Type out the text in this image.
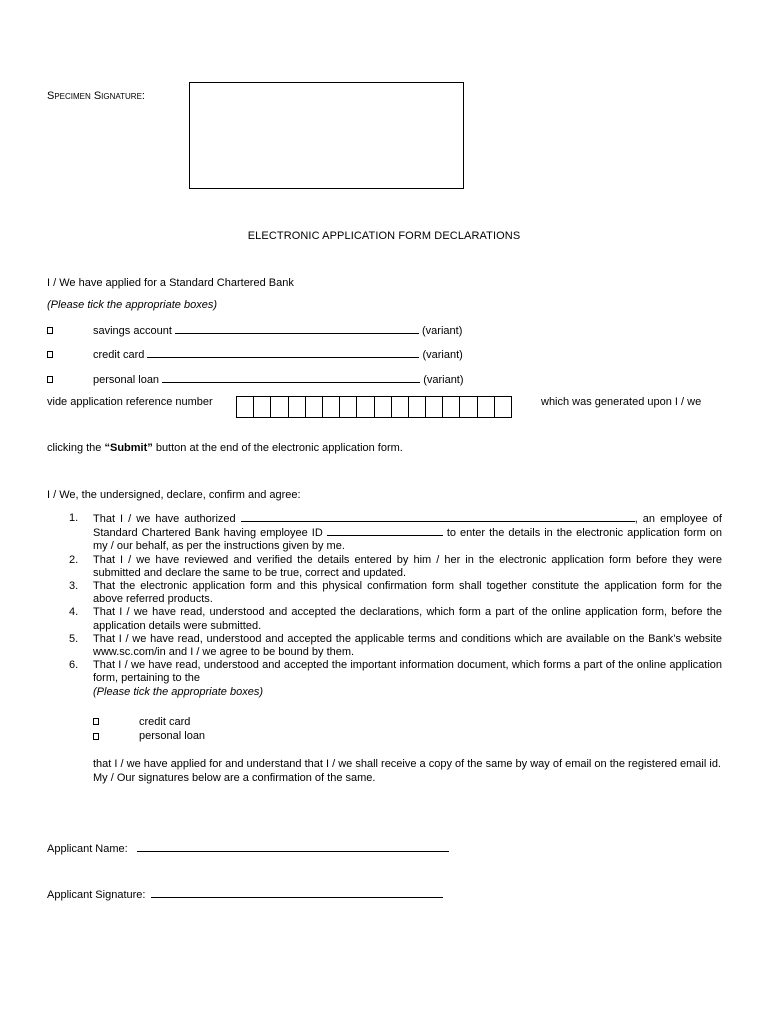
Specimen Signature:
ELECTRONIC APPLICATION FORM DECLARATIONS
I / We have applied for a Standard Chartered Bank
(Please tick the appropriate boxes)
savings account	(variant)
credit card	(variant)
personal loan	(variant)
vide application reference number	which was generated upon I / we
clicking the “Submit” button at the end of the electronic application form.
I / We, the undersigned, declare, confirm and agree:
1. That I / we have authorized	, an employee of Standard Chartered Bank having employee ID	to enter the details in the electronic application form on my / our behalf, as per the instructions given by me.
2. That I / we have reviewed and verified the details entered by him / her in the electronic application form before they were submitted and declare the same to be true, correct and updated.
3. That the electronic application form and this physical confirmation form shall together constitute the application form for the above referred products.
4. That I / we have read, understood and accepted the declarations, which form a part of the online application form, before the application details were submitted.
5. That I / we have read, understood and accepted the applicable terms and conditions which are available on the Bank’s website www.sc.com/in and I / we agree to be bound by them.
6. That I / we have read, understood and accepted the important information document, which forms a part of the online application form, pertaining to the
(Please tick the appropriate boxes)
credit card
personal loan
that I / we have applied for and understand that I / we shall receive a copy of the same by way of email on the registered email id. My / Our signatures below are a confirmation of the same.
Applicant Name:
Applicant Signature:
